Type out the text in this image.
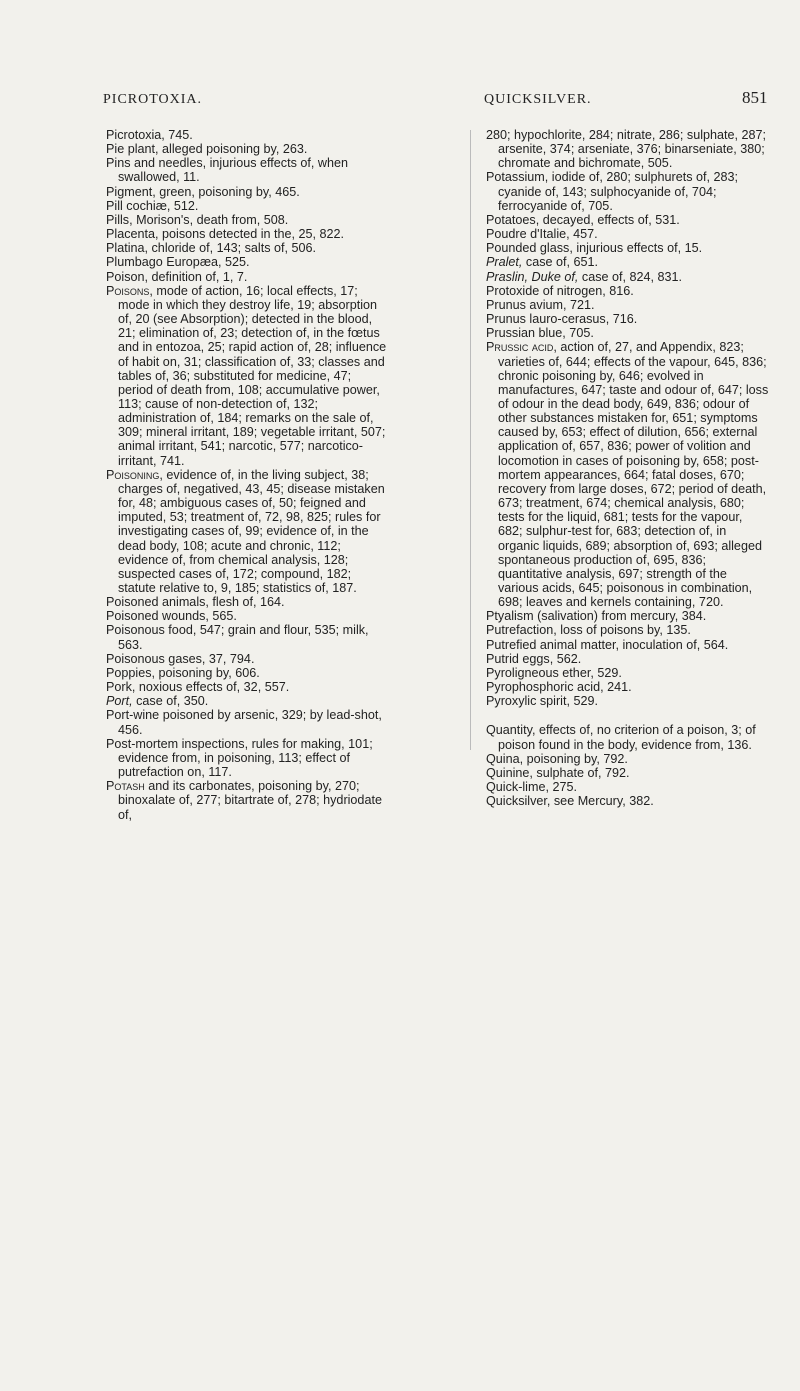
PICROTOXIA.	QUICKSILVER.	851

Picrotoxia, 745.

Pie plant, alleged poisoning by, 263.

Pins and needles, injurious effects of, when swallowed, 11.

Pigment, green, poisoning by, 465.

Pill cochiæ, 512.

Pills, Morison's, death from, 508.

Placenta, poisons detected in the, 25, 822.

Platina, chloride of, 143; salts of, 506.

Plumbago Europæa, 525.

Poison, definition of, 1, 7.

Poisons, mode of action, 16; local effects, 17; mode in which they destroy life, 19; absorption of, 20 (see Absorption); detected in the blood, 21; elimination of, 23; detection of, in the fœtus and in entozoa, 25; rapid action of, 28; influence of habit on, 31; classification of, 33; classes and tables of, 36; substituted for medicine, 47; period of death from, 108; accumulative power, 113; cause of non-detection of, 132; administration of, 184; remarks on the sale of, 309; mineral irritant, 189; vegetable irritant, 507; animal irritant, 541; narcotic, 577; narcotico-irritant, 741.

Poisoning, evidence of, in the living subject, 38; charges of, negatived, 43, 45; disease mistaken for, 48; ambiguous cases of, 50; feigned and imputed, 53; treatment of, 72, 98, 825; rules for investigating cases of, 99; evidence of, in the dead body, 108; acute and chronic, 112; evidence of, from chemical analysis, 128; suspected cases of, 172; compound, 182; statute relative to, 9, 185; statistics of, 187.

Poisoned animals, flesh of, 164.

Poisoned wounds, 565.

Poisonous food, 547; grain and flour, 535; milk, 563.

Poisonous gases, 37, 794.

Poppies, poisoning by, 606.

Pork, noxious effects of, 32, 557.

Port, case of, 350.

Port-wine poisoned by arsenic, 329; by lead-shot, 456.

Post-mortem inspections, rules for making, 101; evidence from, in poisoning, 113; effect of putrefaction on, 117.

Potash and its carbonates, poisoning by, 270; binoxalate of, 277; bitartrate of, 278; hydriodate of,

280; hypochlorite, 284; nitrate, 286; sulphate, 287; arsenite, 374; arseniate, 376; binarseniate, 380; chromate and bichromate, 505.

Potassium, iodide of, 280; sulphurets of, 283; cyanide of, 143; sulphocyanide of, 704; ferrocyanide of, 705.

Potatoes, decayed, effects of, 531.

Poudre d'Italie, 457.

Pounded glass, injurious effects of, 15.

Pralet, case of, 651.

Praslin, Duke of, case of, 824, 831.

Protoxide of nitrogen, 816.

Prunus avium, 721.

Prunus lauro-cerasus, 716.

Prussian blue, 705.

Prussic acid, action of, 27, and Appendix, 823; varieties of, 644; effects of the vapour, 645, 836; chronic poisoning by, 646; evolved in manufactures, 647; taste and odour of, 647; loss of odour in the dead body, 649, 836; odour of other substances mistaken for, 651; symptoms caused by, 653; effect of dilution, 656; external application of, 657, 836; power of volition and locomotion in cases of poisoning by, 658; post-mortem appearances, 664; fatal doses, 670; recovery from large doses, 672; period of death, 673; treatment, 674; chemical analysis, 680; tests for the liquid, 681; tests for the vapour, 682; sulphur-test for, 683; detection of, in organic liquids, 689; absorption of, 693; alleged spontaneous production of, 695, 836; quantitative analysis, 697; strength of the various acids, 645; poisonous in combination, 698; leaves and kernels containing, 720.

Ptyalism (salivation) from mercury, 384.

Putrefaction, loss of poisons by, 135.

Putrefied animal matter, inoculation of, 564.

Putrid eggs, 562.

Pyroligneous ether, 529.

Pyrophosphoric acid, 241.

Pyroxylic spirit, 529.

Quantity, effects of, no criterion of a poison, 3; of poison found in the body, evidence from, 136.

Quina, poisoning by, 792.

Quinine, sulphate of, 792.

Quick-lime, 275.

Quicksilver, see Mercury, 382.
